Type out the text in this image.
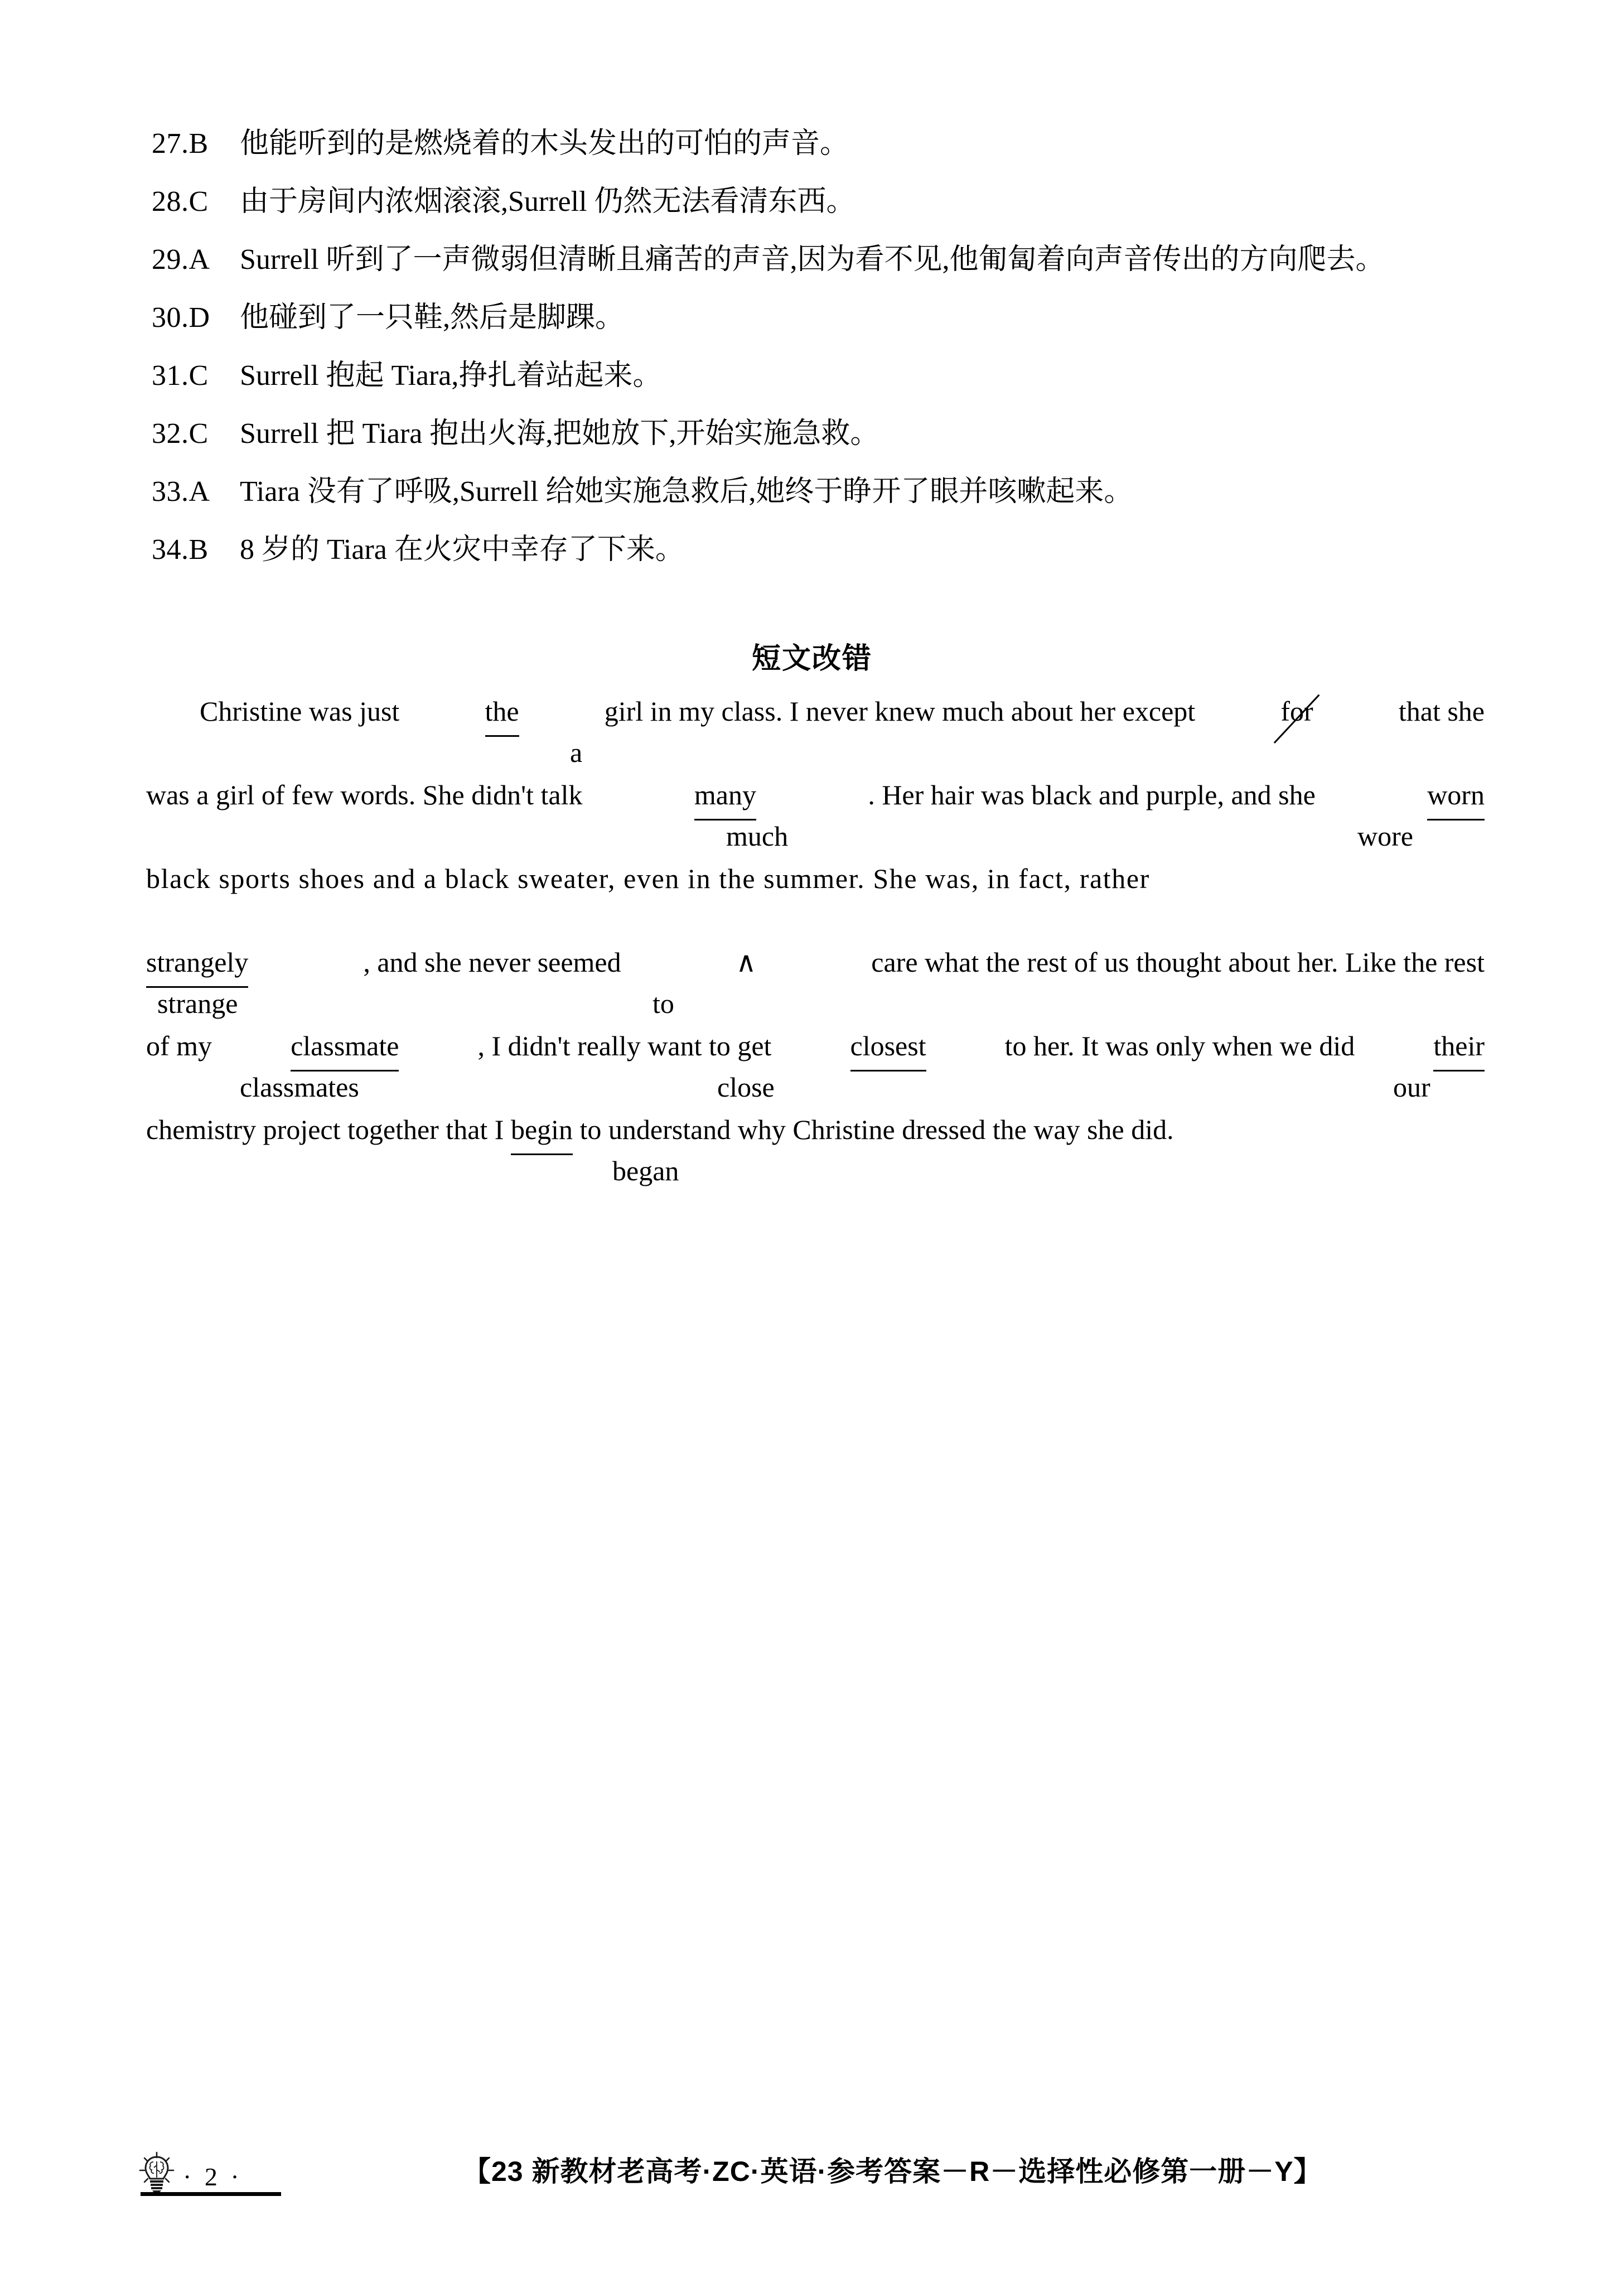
27.B	他能听到的是燃烧着的木头发出的可怕的声音。
28.C	由于房间内浓烟滚滚,Surrell 仍然无法看清东西。
29.A	Surrell 听到了一声微弱但清晰且痛苦的声音,因为看不见,他匍匐着向声音传出的方向爬去。
30.D	他碰到了一只鞋,然后是脚踝。
31.C	Surrell 抱起 Tiara,挣扎着站起来。
32.C	Surrell 把 Tiara 抱出火海,把她放下,开始实施急救。
33.A	Tiara 没有了呼吸,Surrell 给她实施急救后,她终于睁开了眼并咳嗽起来。
34.B	8 岁的 Tiara 在火灾中幸存了下来。
短文改错
Christine was just	the	girl in my class. I never knew much about her except	for	that she
a
was a girl of few words. She didn't talk	many	. Her hair was black and purple, and she	worn
much	wore
black sports shoes and a black sweater, even in the summer. She was, in fact, rather
strangely	, and she never seemed	∧	care what the rest of us thought about her. Like the rest
strange	to
of my	classmate	, I didn't really want to get	closest	to her. It was only when we did	their
classmates	close	our
chemistry project together that I begin to understand why Christine dressed the way she did.
began
· 2 ·	【23 新教材老高考·ZC·英语·参考答案－R－选择性必修第一册－Y】
